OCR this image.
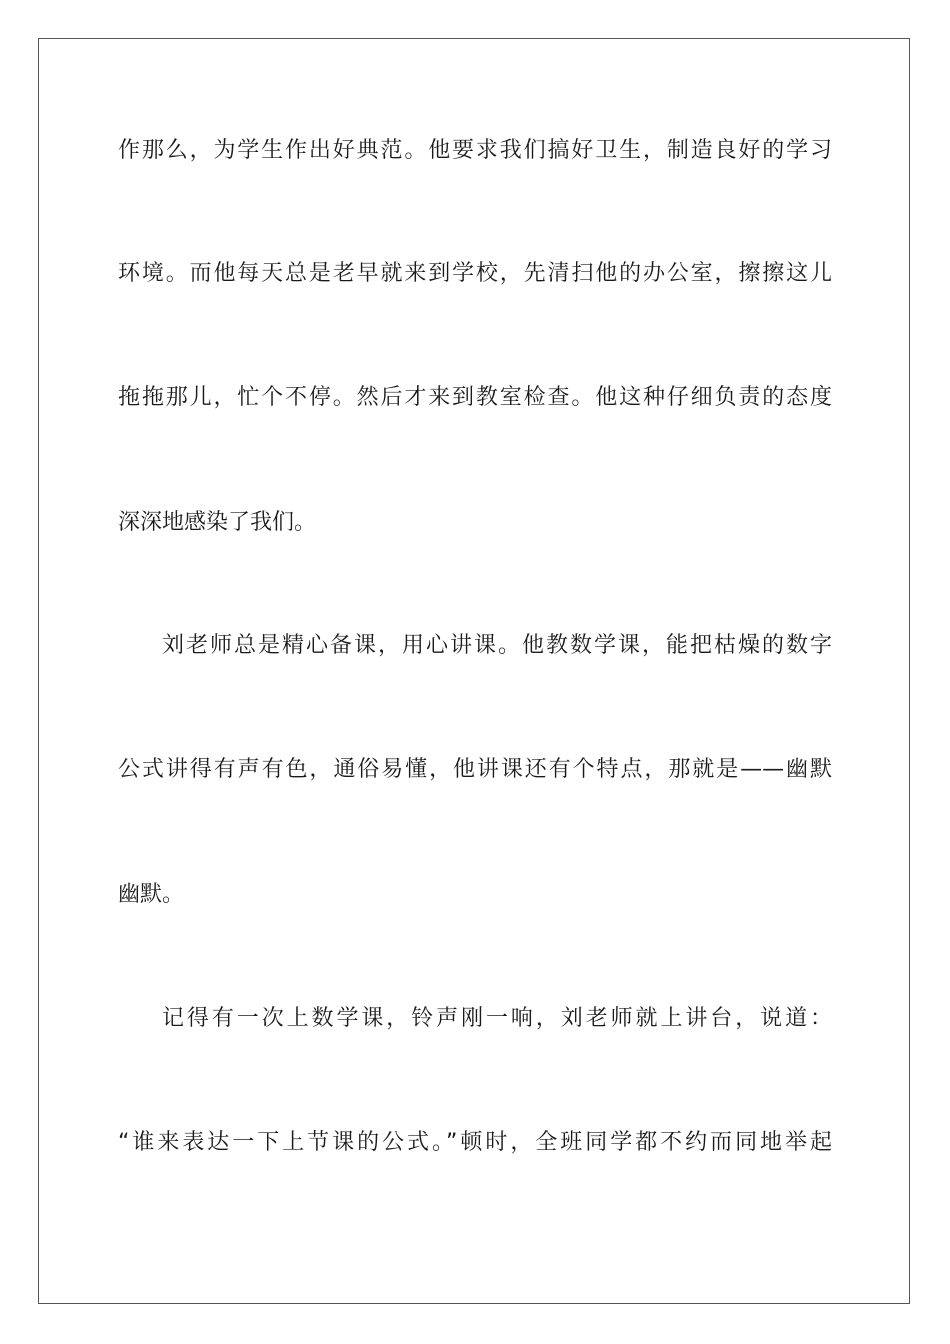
作那么，为学生作出好典范。他要求我们搞好卫生，制造良好的学习

环境。而他每天总是老早就来到学校，先清扫他的办公室，擦擦这儿

拖拖那儿，忙个不停。然后才来到教室检查。他这种仔细负责的态度

深深地感染了我们。

刘老师总是精心备课，用心讲课。他教数学课，能把枯燥的数字

公式讲得有声有色，通俗易懂，他讲课还有个特点，那就是——幽默

幽默。

记得有一次上数学课，铃声刚一响，刘老师就上讲台，说道：

“谁来表达一下上节课的公式。”顿时，全班同学都不约而同地举起
